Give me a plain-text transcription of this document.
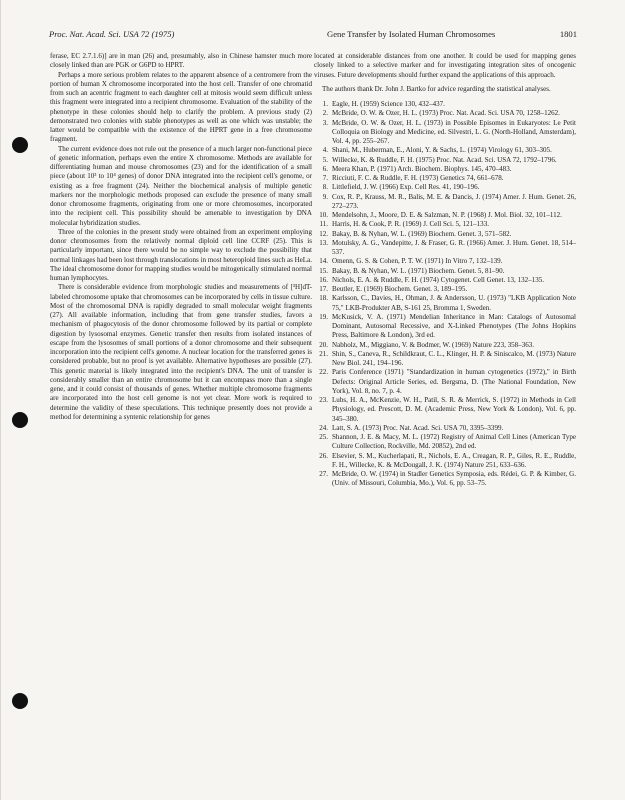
Proc. Nat. Acad. Sci. USA 72 (1975)	Gene Transfer by Isolated Human Chromosomes	1801

ferase, EC 2.7.1.6)] are in man (26) and, presumably, also in Chinese hamster much more closely linked than are PGK or G6PD to HPRT.

Perhaps a more serious problem relates to the apparent absence of a centromere from the portion of human X chromosome incorporated into the host cell. Transfer of one chromatid from such an acentric fragment to each daughter cell at mitosis would seem difficult unless this fragment were integrated into a recipient chromosome. Evaluation of the stability of the phenotype in these colonies should help to clarify the problem. A previous study (2) demonstrated two colonies with stable phenotypes as well as one which was unstable; the latter would be compatible with the existence of the HPRT gene in a free chromosome fragment.

The current evidence does not rule out the presence of a much larger non-functional piece of genetic information, perhaps even the entire X chromosome. Methods are available for differentiating human and mouse chromosomes (23) and for the identification of a small piece (about 10³ to 10⁴ genes) of donor DNA integrated into the recipient cell's genome, or existing as a free fragment (24). Neither the biochemical analysis of multiple genetic markers nor the morphologic methods proposed can exclude the presence of many small donor chromosome fragments, originating from one or more chromosomes, incorporated into the recipient cell. This possibility should be amenable to investigation by DNA molecular hybridization studies.

Three of the colonies in the present study were obtained from an experiment employing donor chromosomes from the relatively normal diploid cell line CCRF (25). This is particularly important, since there would be no simple way to exclude the possibility that normal linkages had been lost through translocations in most heteroploid lines such as HeLa. The ideal chromosome donor for mapping studies would be mitogenically stimulated normal human lymphocytes.

There is considerable evidence from morphologic studies and measurements of [³H]dT-labeled chromosome uptake that chromosomes can be incorporated by cells in tissue culture. Most of the chromosomal DNA is rapidly degraded to small molecular weight fragments (27). All available information, including that from gene transfer studies, favors a mechanism of phagocytosis of the donor chromosome followed by its partial or complete digestion by lysosomal enzymes. Genetic transfer then results from isolated instances of escape from the lysosomes of small portions of a donor chromosome and their subsequent incorporation into the recipient cell's genome. A nuclear location for the transferred genes is considered probable, but no proof is yet available. Alternative hypotheses are possible (27). This genetic material is likely integrated into the recipient's DNA. The unit of transfer is considerably smaller than an entire chromosome but it can encompass more than a single gene, and it could consist of thousands of genes. Whether multiple chromosome fragments are incorporated into the host cell genome is not yet clear. More work is required to determine the validity of these speculations. This technique presently does not provide a method for determining a syntenic relationship for genes

located at considerable distances from one another. It could be used for mapping genes closely linked to a selective marker and for investigating integration sites of oncogenic viruses. Future developments should further expand the applications of this approach.

The authors thank Dr. John J. Bartko for advice regarding the statistical analyses.

1. Eagle, H. (1959) Science 130, 432–437.
2. McBride, O. W. & Ozer, H. L. (1973) Proc. Nat. Acad. Sci. USA 70, 1258–1262.
3. McBride, O. W. & Ozer, H. L. (1973) in Possible Episomes in Eukaryotes: Le Petit Colloquia on Biology and Medicine, ed. Silvestri, L. G. (North-Holland, Amsterdam), Vol. 4, pp. 255–267.
4. Shani, M., Huberman, E., Aloni, Y. & Sachs, L. (1974) Virology 61, 303–305.
5. Willecke, K. & Ruddle, F. H. (1975) Proc. Nat. Acad. Sci. USA 72, 1792–1796.
6. Meera Khan, P. (1971) Arch. Biochem. Biophys. 145, 470–483.
7. Ricciuti, F. C. & Ruddle, F. H. (1973) Genetics 74, 661–678.
8. Littlefield, J. W. (1966) Exp. Cell Res. 41, 190–196.
9. Cox, R. P., Krauss, M. R., Balis, M. E. & Dancis, J. (1974) Amer. J. Hum. Genet. 26, 272–273.
10. Mendelsohn, J., Moore, D. E. & Salzman, N. P. (1968) J. Mol. Biol. 32, 101–112.
11. Harris, H. & Cook, P. R. (1969) J. Cell Sci. 5, 121–133.
12. Bakay, B. & Nyhan, W. L. (1969) Biochem. Genet. 3, 571–582.
13. Motulsky, A. G., Vandepitte, J. & Fraser, G. R. (1966) Amer. J. Hum. Genet. 18, 514–537.
14. Omenn, G. S. & Cohen, P. T. W. (1971) In Vitro 7, 132–139.
15. Bakay, B. & Nyhan, W. L. (1971) Biochem. Genet. 5, 81–90.
16. Nichols, E. A. & Ruddle, F. H. (1974) Cytogenet. Cell Genet. 13, 132–135.
17. Beutler, E. (1969) Biochem. Genet. 3, 189–195.
18. Karlsson, C., Davies, H., Ohman, J. & Andersson, U. (1973) "LKB Application Note 75," LKB-Produkter AB, S-161 25, Bromma 1, Sweden.
19. McKusick, V. A. (1971) Mendelian Inheritance in Man: Catalogs of Autosomal Dominant, Autosomal Recessive, and X-Linked Phenotypes (The Johns Hopkins Press, Baltimore & London), 3rd ed.
20. Nabholz, M., Miggiano, V. & Bodmer, W. (1969) Nature 223, 358–363.
21. Shin, S., Caneva, R., Schildkraut, C. L., Klinger, H. P. & Siniscalco, M. (1973) Nature New Biol. 241, 194–196.
22. Paris Conference (1971) "Standardization in human cytogenetics (1972)," in Birth Defects: Original Article Series, ed. Bergsma, D. (The National Foundation, New York), Vol. 8, no. 7, p. 4.
23. Lubs, H. A., McKenzie, W. H., Patil, S. R. & Merrick, S. (1972) in Methods in Cell Physiology, ed. Prescott, D. M. (Academic Press, New York & London), Vol. 6, pp. 345–380.
24. Latt, S. A. (1973) Proc. Nat. Acad. Sci. USA 70, 3395–3399.
25. Shannon, J. E. & Macy, M. L. (1972) Registry of Animal Cell Lines (American Type Culture Collection, Rockville, Md. 20852), 2nd ed.
26. Elsevier, S. M., Kucherlapati, R., Nichols, E. A., Creagan, R. P., Giles, R. E., Ruddle, F. H., Willecke, K. & McDougall, J. K. (1974) Nature 251, 633–636.
27. McBride, O. W. (1974) in Stadler Genetics Symposia, eds. Rédei, G. P. & Kimber, G. (Univ. of Missouri, Columbia, Mo.), Vol. 6, pp. 53–75.
